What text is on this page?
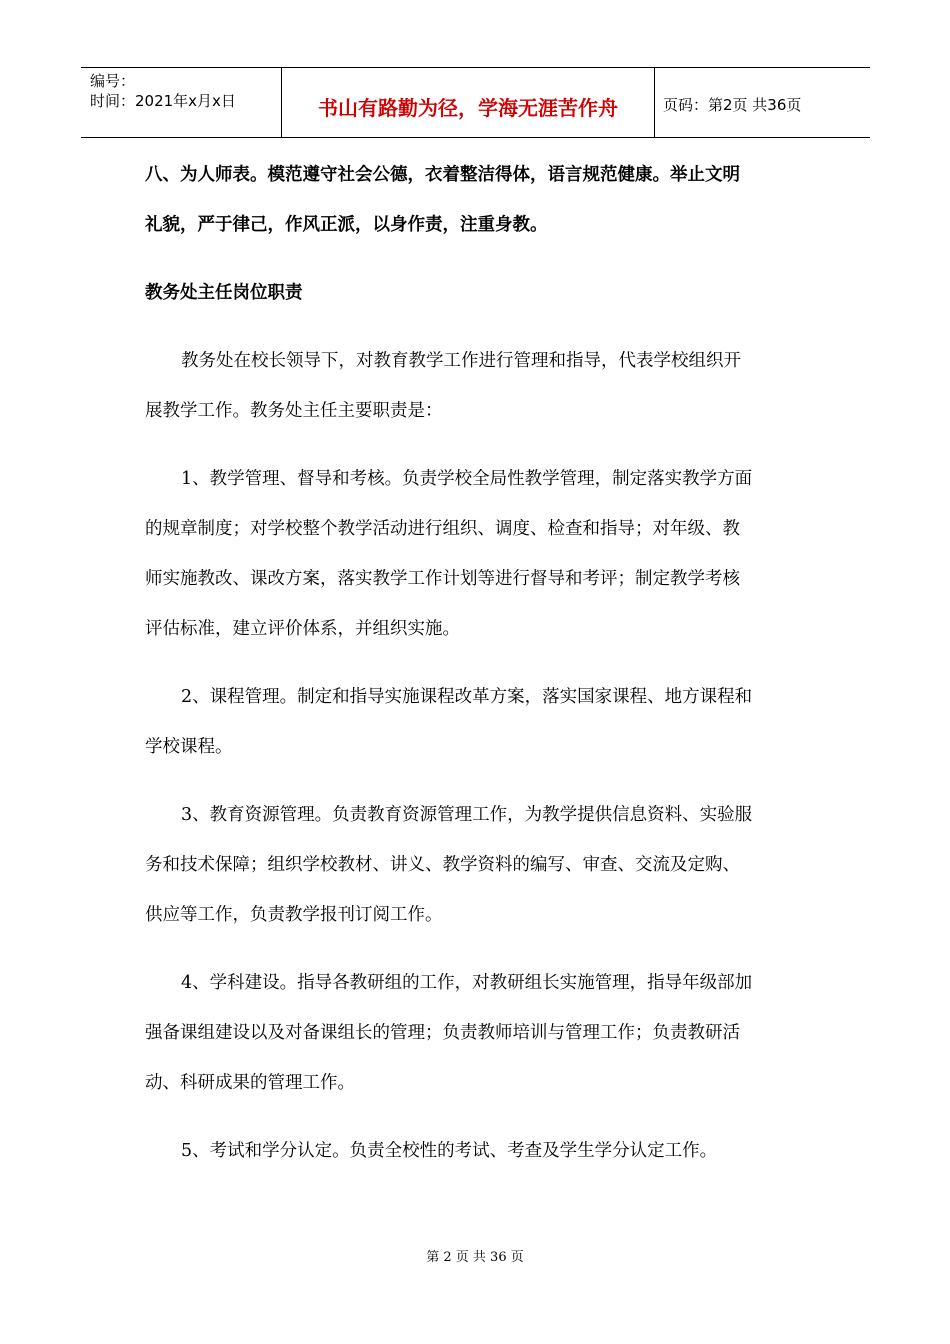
编号：
时间：2021年x月x日	书山有路勤为径，学海无涯苦作舟	页码：第2页 共36页

八、为人师表。模范遵守社会公德，衣着整洁得体，语言规范健康。举止文明

礼貌，严于律己，作风正派，以身作责，注重身教。

教务处主任岗位职责

教务处在校长领导下，对教育教学工作进行管理和指导，代表学校组织开

展教学工作。教务处主任主要职责是：

1、教学管理、督导和考核。负责学校全局性教学管理，制定落实教学方面

的规章制度；对学校整个教学活动进行组织、调度、检查和指导；对年级、教

师实施教改、课改方案，落实教学工作计划等进行督导和考评；制定教学考核

评估标准，建立评价体系，并组织实施。

2、课程管理。制定和指导实施课程改革方案，落实国家课程、地方课程和

学校课程。

3、教育资源管理。负责教育资源管理工作，为教学提供信息资料、实验服

务和技术保障；组织学校教材、讲义、教学资料的编写、审查、交流及定购、

供应等工作，负责教学报刊订阅工作。

4、学科建设。指导各教研组的工作，对教研组长实施管理，指导年级部加

强备课组建设以及对备课组长的管理；负责教师培训与管理工作；负责教研活

动、科研成果的管理工作。

5、考试和学分认定。负责全校性的考试、考查及学生学分认定工作。

第 2 页 共 36 页
